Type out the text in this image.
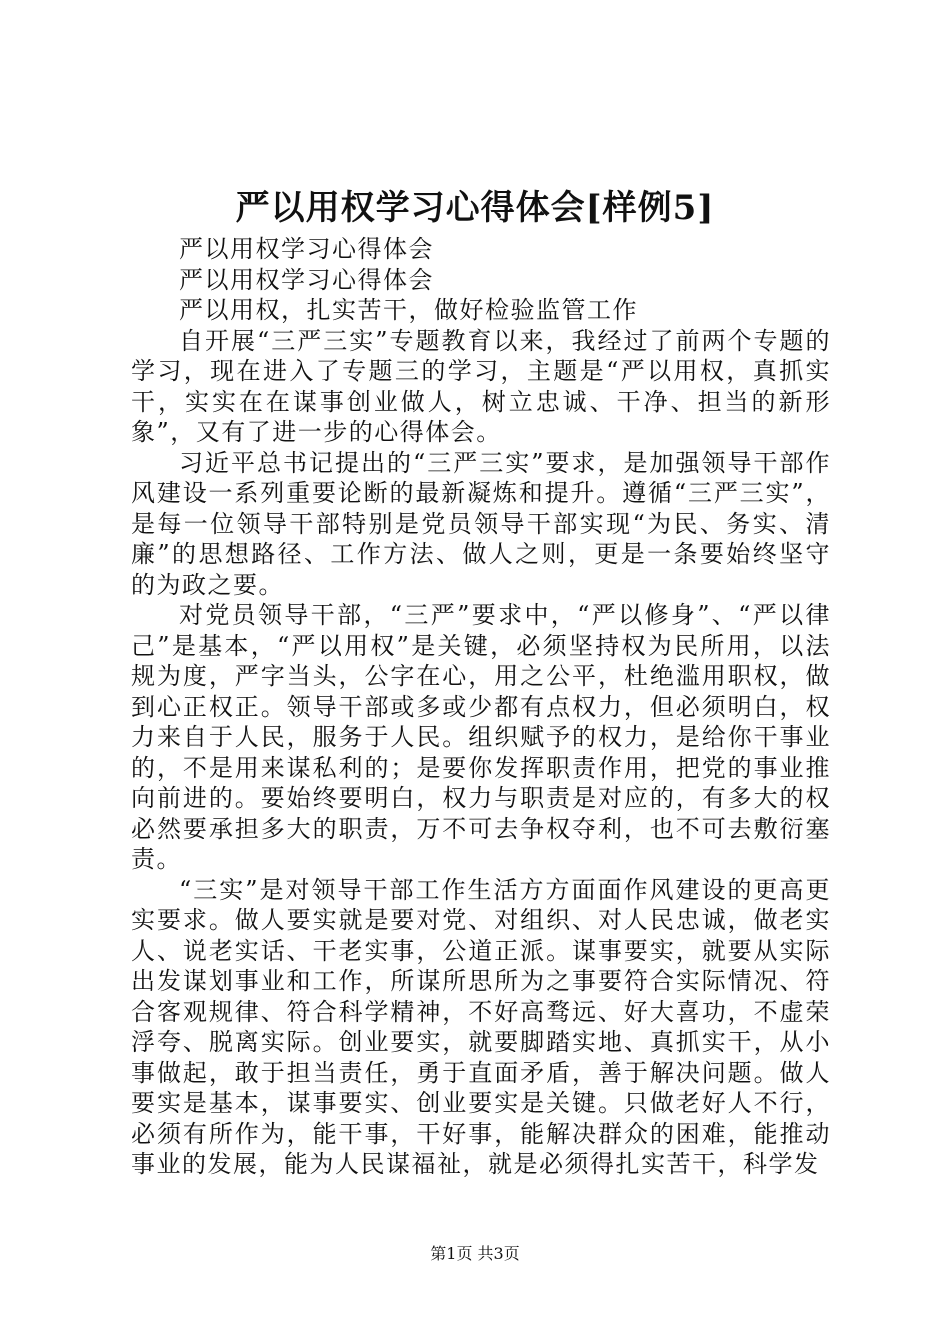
严以用权学习心得体会[样例5]

严以用权学习心得体会

严以用权学习心得体会

严以用权，扎实苦干，做好检验监管工作

自开展“三严三实”专题教育以来，我经过了前两个专题的学习，现在进入了专题三的学习，主题是“严以用权，真抓实干，实实在在谋事创业做人，树立忠诚、干净、担当的新形象”，又有了进一步的心得体会。

习近平总书记提出的“三严三实”要求，是加强领导干部作风建设一系列重要论断的最新凝炼和提升。遵循“三严三实”，是每一位领导干部特别是党员领导干部实现“为民、务实、清廉”的思想路径、工作方法、做人之则，更是一条要始终坚守的为政之要。

对党员领导干部，“三严”要求中，“严以修身”、“严以律己”是基本，“严以用权”是关键，必须坚持权为民所用，以法规为度，严字当头，公字在心，用之公平，杜绝滥用职权，做到心正权正。领导干部或多或少都有点权力，但必须明白，权力来自于人民，服务于人民。组织赋予的权力，是给你干事业的，不是用来谋私利的；是要你发挥职责作用，把党的事业推向前进的。要始终要明白，权力与职责是对应的，有多大的权必然要承担多大的职责，万不可去争权夺利，也不可去敷衍塞责。

“三实”是对领导干部工作生活方方面面作风建设的更高更实要求。做人要实就是要对党、对组织、对人民忠诚，做老实人、说老实话、干老实事，公道正派。谋事要实，就要从实际出发谋划事业和工作，所谋所思所为之事要符合实际情况、符合客观规律、符合科学精神，不好高骛远、好大喜功，不虚荣浮夸、脱离实际。创业要实，就要脚踏实地、真抓实干，从小事做起，敢于担当责任，勇于直面矛盾，善于解决问题。做人要实是基本，谋事要实、创业要实是关键。只做老好人不行，必须有所作为，能干事，干好事，能解决群众的困难，能推动事业的发展，能为人民谋福祉，就是必须得扎实苦干，科学发

第1页 共3页
